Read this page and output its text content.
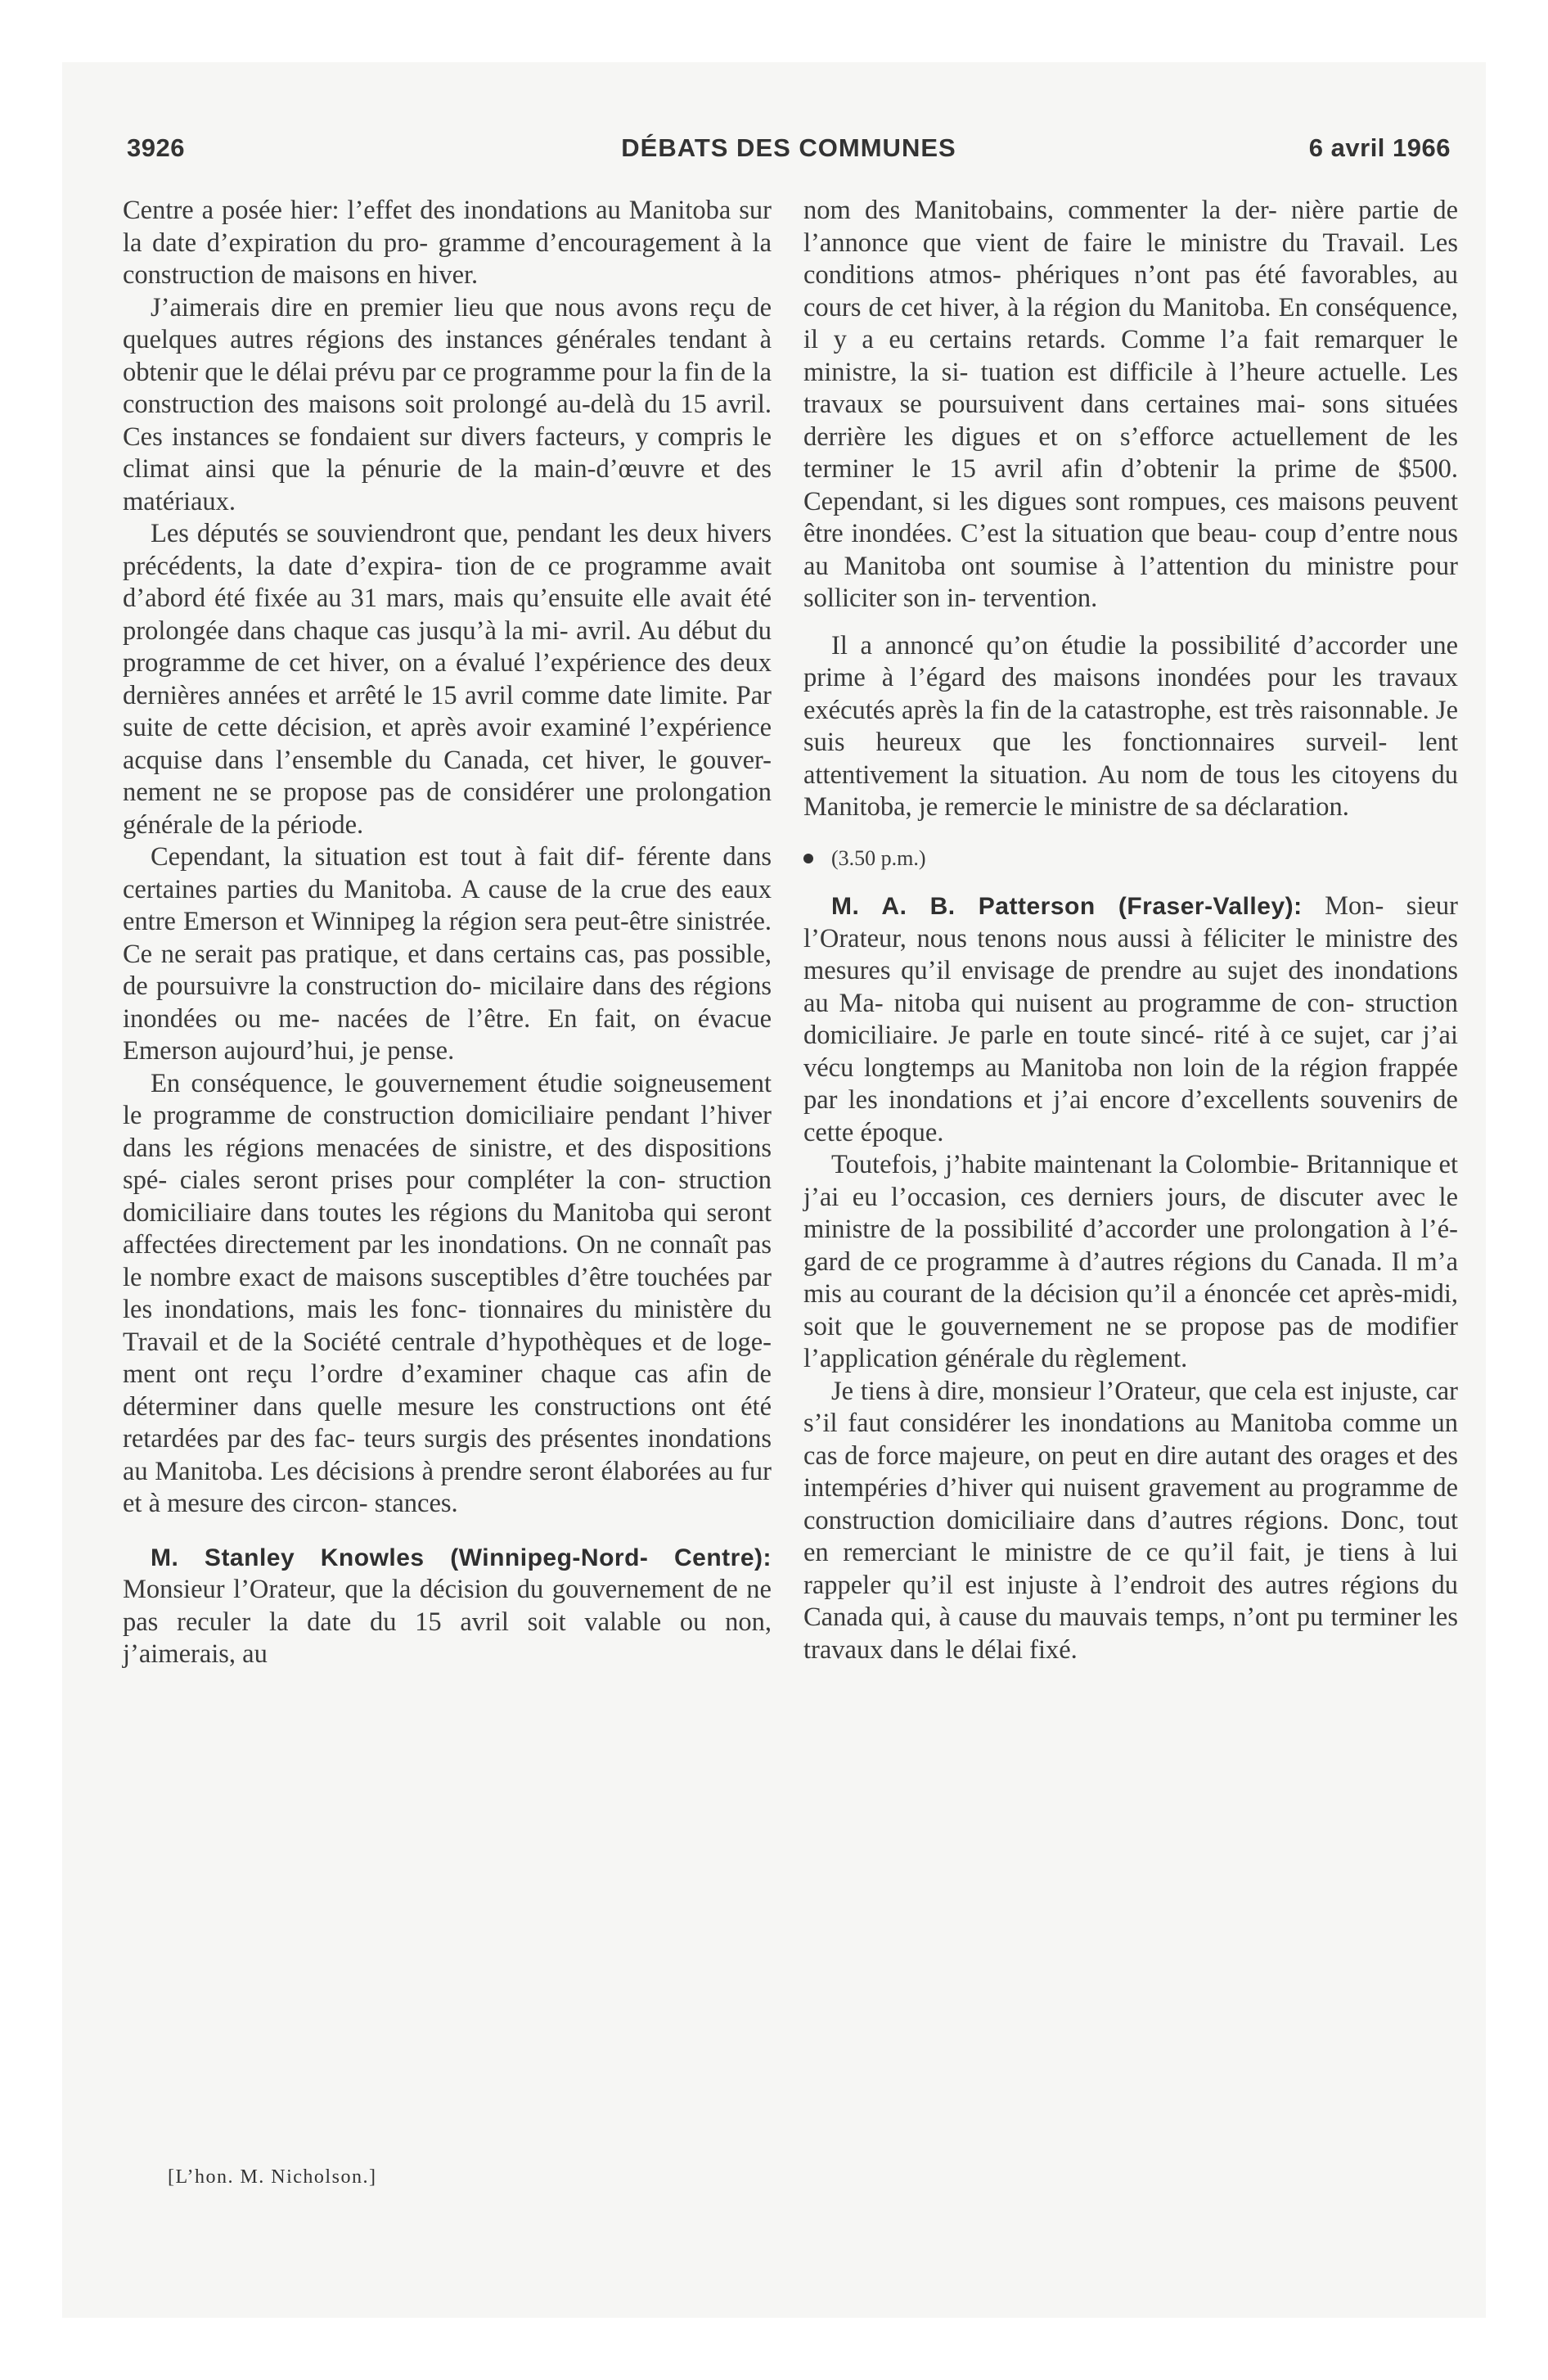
3926	DÉBATS DES COMMUNES	6 avril 1966

Centre a posée hier: l’effet des inondations au Manitoba sur la date d’expiration du pro- gramme d’encouragement à la construction de maisons en hiver.

J’aimerais dire en premier lieu que nous avons reçu de quelques autres régions des instances générales tendant à obtenir que le délai prévu par ce programme pour la fin de la construction des maisons soit prolongé au-delà du 15 avril. Ces instances se fondaient sur divers facteurs, y compris le climat ainsi que la pénurie de la main-d’œuvre et des matériaux.

Les députés se souviendront que, pendant les deux hivers précédents, la date d’expira- tion de ce programme avait d’abord été fixée au 31 mars, mais qu’ensuite elle avait été prolongée dans chaque cas jusqu’à la mi- avril. Au début du programme de cet hiver, on a évalué l’expérience des deux dernières années et arrêté le 15 avril comme date limite. Par suite de cette décision, et après avoir examiné l’expérience acquise dans l’ensemble du Canada, cet hiver, le gouver- nement ne se propose pas de considérer une prolongation générale de la période.

Cependant, la situation est tout à fait dif- férente dans certaines parties du Manitoba. A cause de la crue des eaux entre Emerson et Winnipeg la région sera peut-être sinistrée. Ce ne serait pas pratique, et dans certains cas, pas possible, de poursuivre la construction do- micilaire dans des régions inondées ou me- nacées de l’être. En fait, on évacue Emerson aujourd’hui, je pense.

En conséquence, le gouvernement étudie soigneusement le programme de construction domiciliaire pendant l’hiver dans les régions menacées de sinistre, et des dispositions spé- ciales seront prises pour compléter la con- struction domiciliaire dans toutes les régions du Manitoba qui seront affectées directement par les inondations. On ne connaît pas le nombre exact de maisons susceptibles d’être touchées par les inondations, mais les fonc- tionnaires du ministère du Travail et de la Société centrale d’hypothèques et de loge- ment ont reçu l’ordre d’examiner chaque cas afin de déterminer dans quelle mesure les constructions ont été retardées par des fac- teurs surgis des présentes inondations au Manitoba. Les décisions à prendre seront élaborées au fur et à mesure des circon- stances.

M. Stanley Knowles (Winnipeg-Nord- Centre): Monsieur l’Orateur, que la décision du gouvernement de ne pas reculer la date du 15 avril soit valable ou non, j’aimerais, au

nom des Manitobains, commenter la der- nière partie de l’annonce que vient de faire le ministre du Travail. Les conditions atmos- phériques n’ont pas été favorables, au cours de cet hiver, à la région du Manitoba. En conséquence, il y a eu certains retards. Comme l’a fait remarquer le ministre, la si- tuation est difficile à l’heure actuelle. Les travaux se poursuivent dans certaines mai- sons situées derrière les digues et on s’efforce actuellement de les terminer le 15 avril afin d’obtenir la prime de $500. Cependant, si les digues sont rompues, ces maisons peuvent être inondées. C’est la situation que beau- coup d’entre nous au Manitoba ont soumise à l’attention du ministre pour solliciter son in- tervention.

Il a annoncé qu’on étudie la possibilité d’accorder une prime à l’égard des maisons inondées pour les travaux exécutés après la fin de la catastrophe, est très raisonnable. Je suis heureux que les fonctionnaires surveil- lent attentivement la situation. Au nom de tous les citoyens du Manitoba, je remercie le ministre de sa déclaration.

(3.50 p.m.)

M. A. B. Patterson (Fraser-Valley): Mon- sieur l’Orateur, nous tenons nous aussi à féliciter le ministre des mesures qu’il envisage de prendre au sujet des inondations au Ma- nitoba qui nuisent au programme de con- struction domiciliaire. Je parle en toute sincé- rité à ce sujet, car j’ai vécu longtemps au Manitoba non loin de la région frappée par les inondations et j’ai encore d’excellents souvenirs de cette époque.

Toutefois, j’habite maintenant la Colombie- Britannique et j’ai eu l’occasion, ces derniers jours, de discuter avec le ministre de la possibilité d’accorder une prolongation à l’é- gard de ce programme à d’autres régions du Canada. Il m’a mis au courant de la décision qu’il a énoncée cet après-midi, soit que le gouvernement ne se propose pas de modifier l’application générale du règlement.

Je tiens à dire, monsieur l’Orateur, que cela est injuste, car s’il faut considérer les inondations au Manitoba comme un cas de force majeure, on peut en dire autant des orages et des intempéries d’hiver qui nuisent gravement au programme de construction domiciliaire dans d’autres régions. Donc, tout en remerciant le ministre de ce qu’il fait, je tiens à lui rappeler qu’il est injuste à l’endroit des autres régions du Canada qui, à cause du mauvais temps, n’ont pu terminer les travaux dans le délai fixé.

[L’hon. M. Nicholson.]
